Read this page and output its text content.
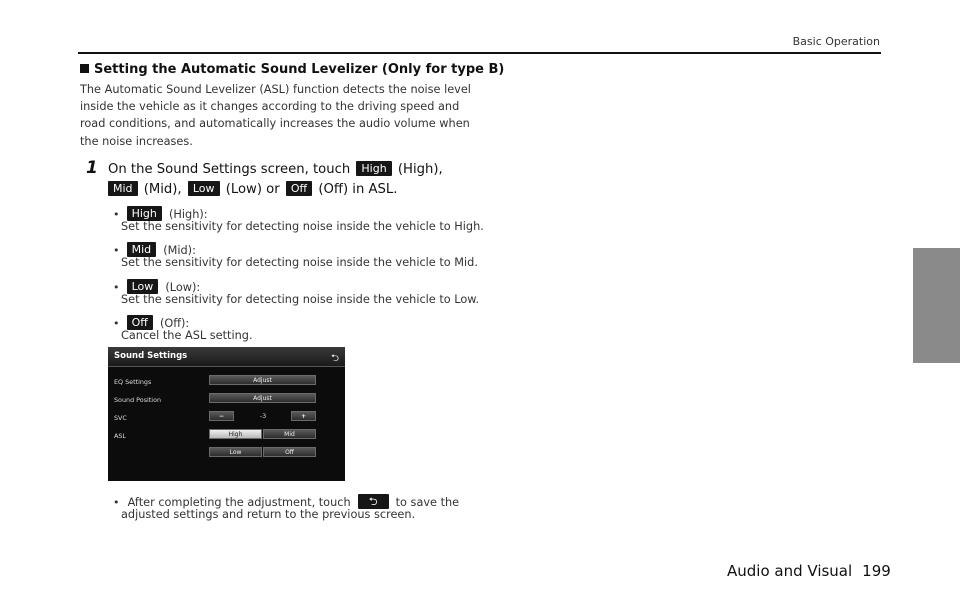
Basic Operation
Setting the Automatic Sound Levelizer (Only for type B)
The Automatic Sound Levelizer (ASL) function detects the noise level inside the vehicle as it changes according to the driving speed and road conditions, and automatically increases the audio volume when the noise increases.
1 On the Sound Settings screen, touch High (High),
Mid (Mid), Low (Low) or Off (Off) in ASL.
• High (High):
Set the sensitivity for detecting noise inside the vehicle to High.
• Mid (Mid):
Set the sensitivity for detecting noise inside the vehicle to Mid.
• Low (Low):
Set the sensitivity for detecting noise inside the vehicle to Low.
• Off (Off):
Cancel the ASL setting.
Sound Settings	⮌
EQ Settings	Adjust
Sound Position	Adjust
SVC	−	-3	+
ASL	High	Mid
Low	Off
• After completing the adjustment, touch ⮌ to save the
adjusted settings and return to the previous screen.
Audio and Visual 199
